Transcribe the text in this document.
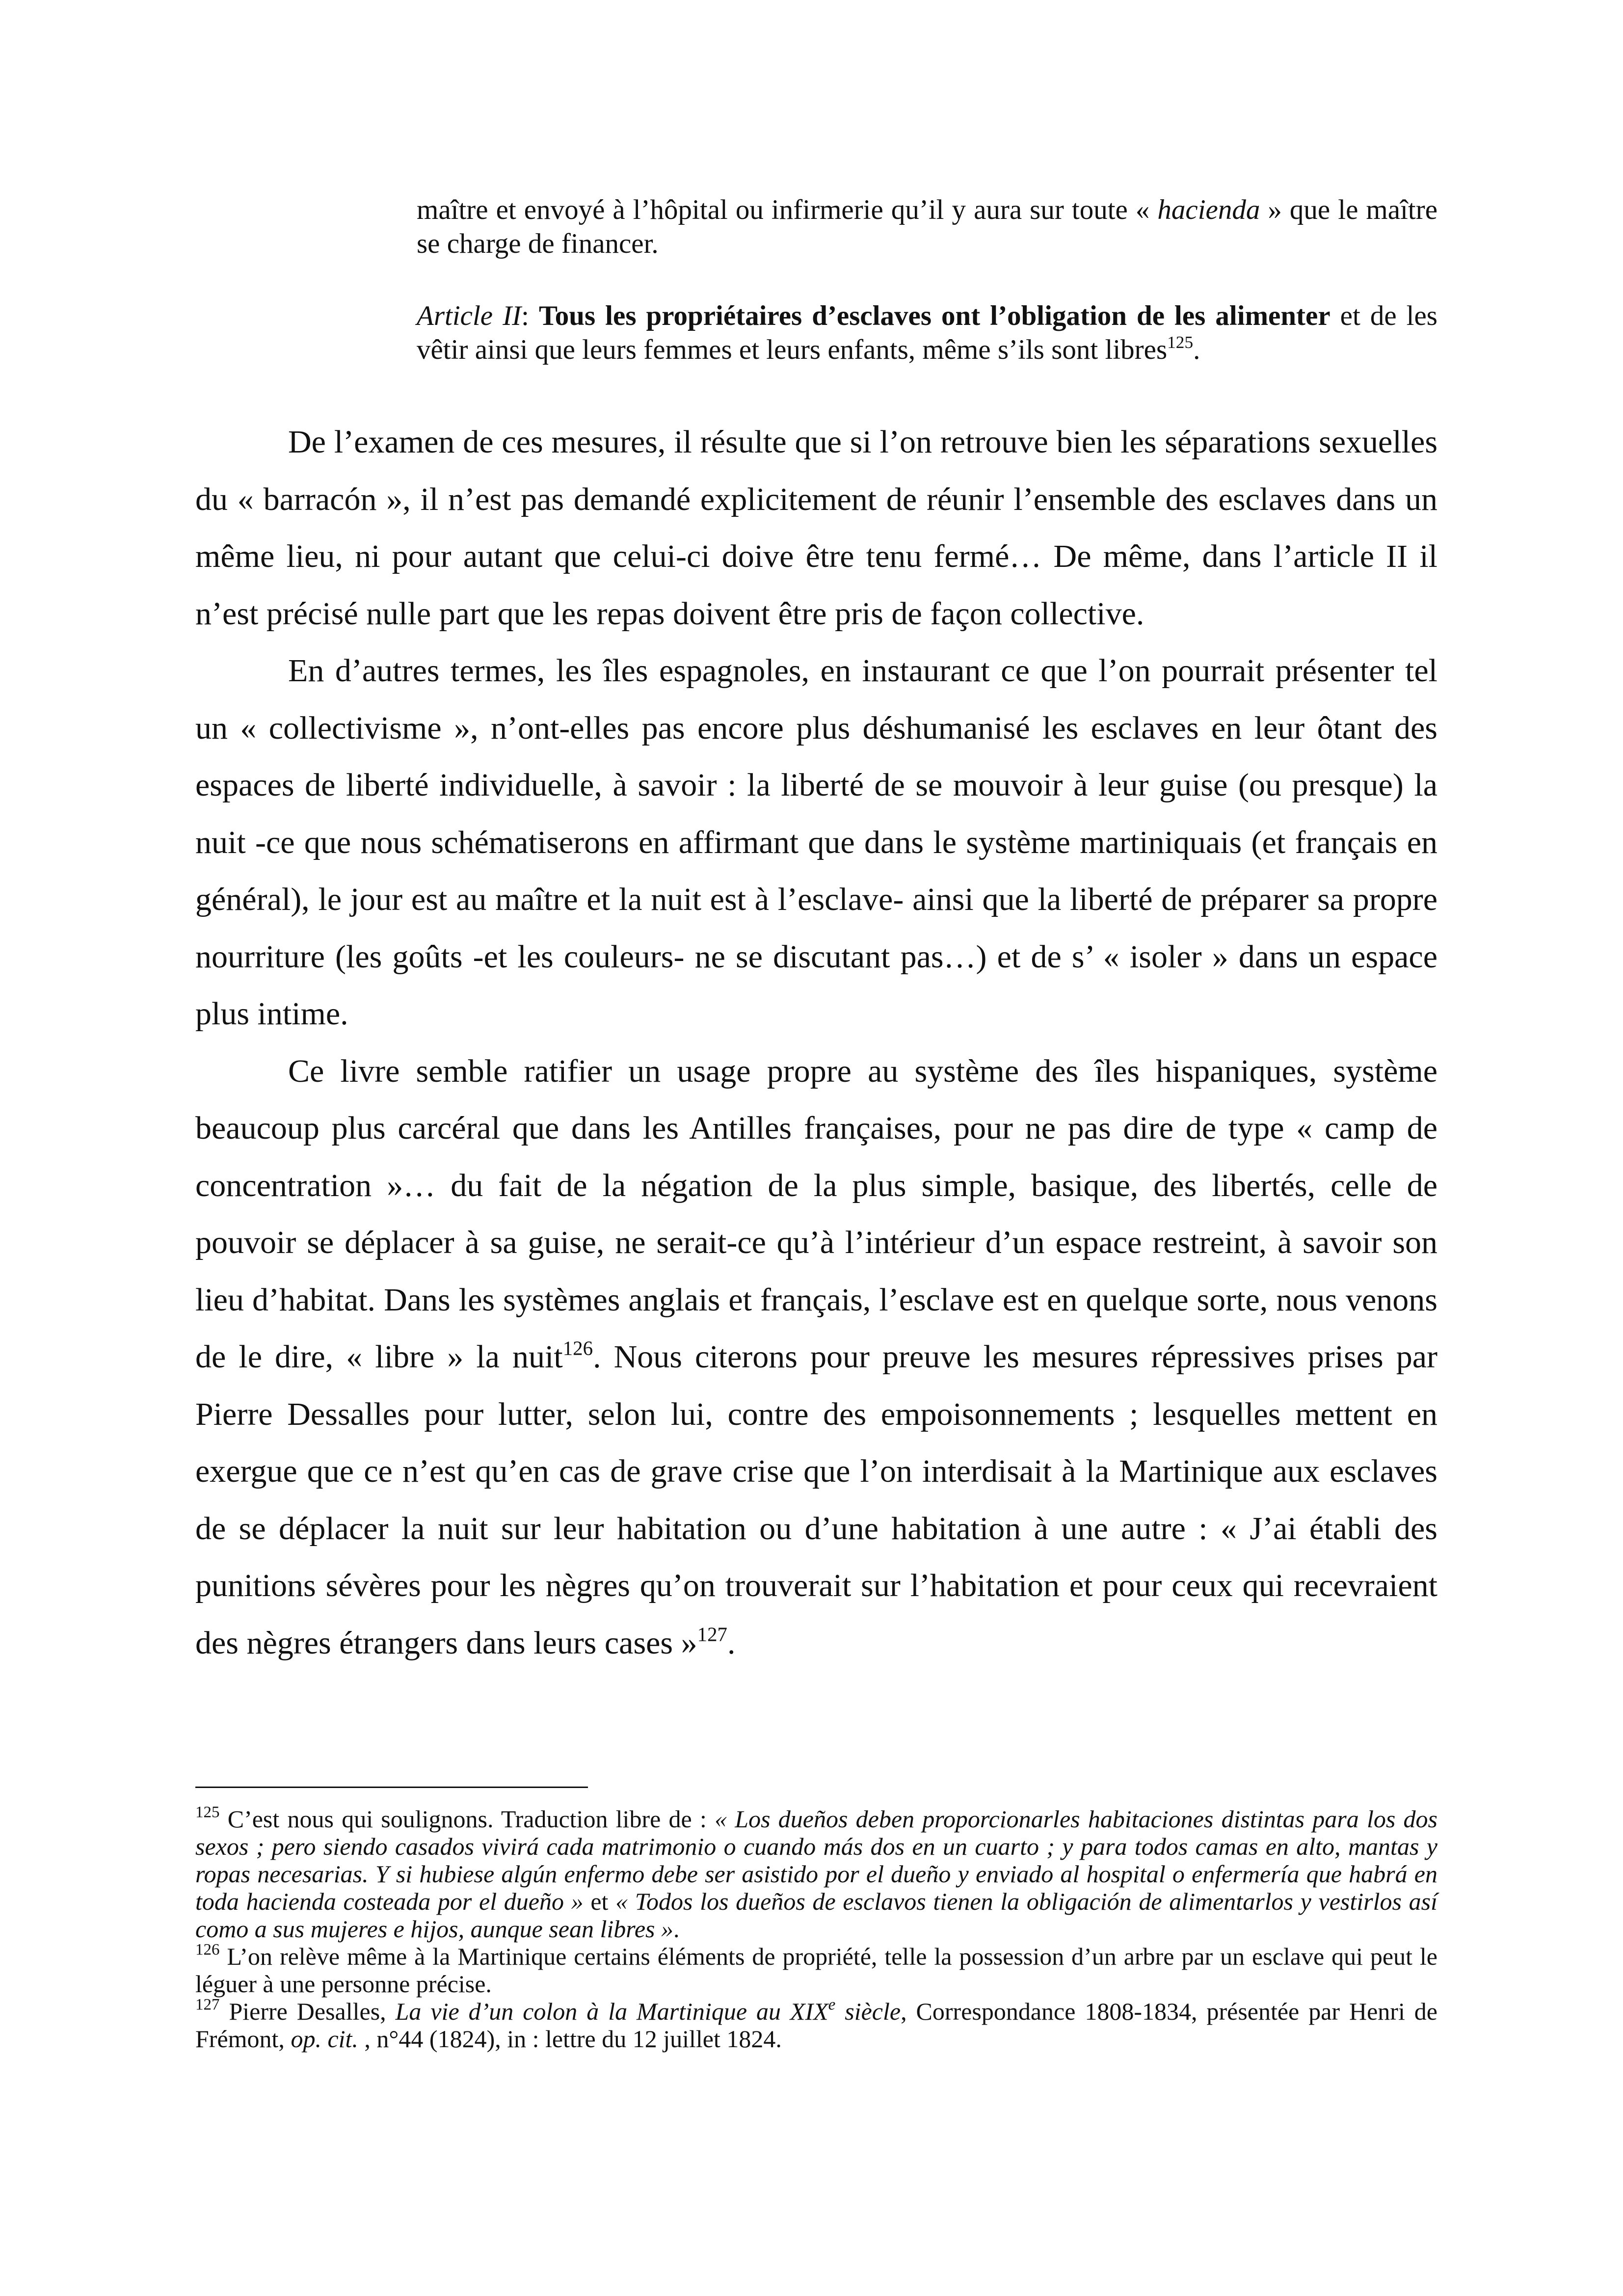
maître et envoyé à l’hôpital ou infirmerie qu’il y aura sur toute « hacienda » que le maître se charge de financer.
Article II: Tous les propriétaires d’esclaves ont l’obligation de les alimenter et de les vêtir ainsi que leurs femmes et leurs enfants, même s’ils sont libres$^{125}$.

De l’examen de ces mesures, il résulte que si l’on retrouve bien les séparations sexuelles du « barracón », il n’est pas demandé explicitement de réunir l’ensemble des esclaves dans un même lieu, ni pour autant que celui-ci doive être tenu fermé… De même, dans l’article II il n’est précisé nulle part que les repas doivent être pris de façon collective.

En d’autres termes, les îles espagnoles, en instaurant ce que l’on pourrait présenter tel un « collectivisme », n’ont-elles pas encore plus déshumanisé les esclaves en leur ôtant des espaces de liberté individuelle, à savoir : la liberté de se mouvoir à leur guise (ou presque) la nuit -ce que nous schématiserons en affirmant que dans le système martiniquais (et français en général), le jour est au maître et la nuit est à l’esclave- ainsi que la liberté de préparer sa propre nourriture (les goûts -et les couleurs- ne se discutant pas…) et de s’ « isoler » dans un espace plus intime.

Ce livre semble ratifier un usage propre au système des îles hispaniques, système beaucoup plus carcéral que dans les Antilles françaises, pour ne pas dire de type « camp de concentration »… du fait de la négation de la plus simple, basique, des libertés, celle de pouvoir se déplacer à sa guise, ne serait-ce qu’à l’intérieur d’un espace restreint, à savoir son lieu d’habitat. Dans les systèmes anglais et français, l’esclave est en quelque sorte, nous venons de le dire, « libre » la nuit$^{126}$. Nous citerons pour preuve les mesures répressives prises par Pierre Dessalles pour lutter, selon lui, contre des empoisonnements ; lesquelles mettent en exergue que ce n’est qu’en cas de grave crise que l’on interdisait à la Martinique aux esclaves de se déplacer la nuit sur leur habitation ou d’une habitation à une autre : « J’ai établi des punitions sévères pour les nègres qu’on trouverait sur l’habitation et pour ceux qui recevraient des nègres étrangers dans leurs cases »$^{127}$.

$^{125}$ C’est nous qui soulignons. Traduction libre de : « Los dueños deben proporcionarles habitaciones distintas para los dos sexos ; pero siendo casados vivirá cada matrimonio o cuando más dos en un cuarto ; y para todos camas en alto, mantas y ropas necesarias. Y si hubiese algún enfermo debe ser asistido por el dueño y enviado al hospital o enfermería que habrá en toda hacienda costeada por el dueño » et « Todos los dueños de esclavos tienen la obligación de alimentarlos y vestirlos así como a sus mujeres e hijos, aunque sean libres ».

$^{126}$ L’on relève même à la Martinique certains éléments de propriété, telle la possession d’un arbre par un esclave qui peut le léguer à une personne précise.

$^{127}$ Pierre Desalles, La vie d’un colon à la Martinique au XIXe siècle, Correspondance 1808-1834, présentée par Henri de Frémont, op. cit. , n°44 (1824), in : lettre du 12 juillet 1824.
